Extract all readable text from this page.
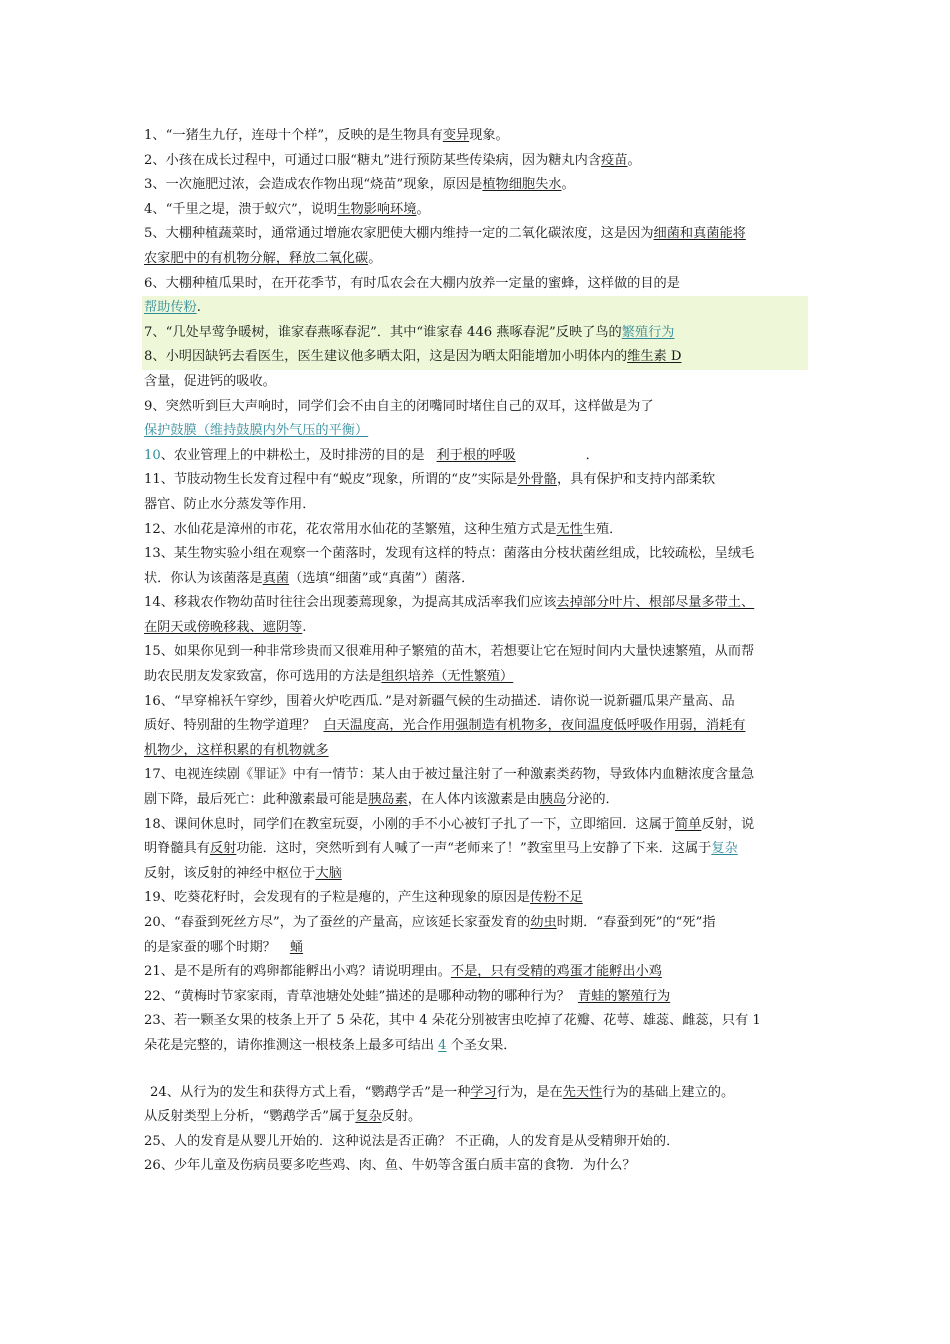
1、“一猪生九仔，连母十个样”，反映的是生物具有变异现象。
2、小孩在成长过程中，可通过口服“糖丸”进行预防某些传染病，因为糖丸内含疫苗。
3、一次施肥过浓，会造成农作物出现“烧苗”现象，原因是植物细胞失水。
4、“千里之堤，溃于蚁穴”，说明生物影响环境。
5、大棚种植蔬菜时，通常通过增施农家肥使大棚内维持一定的二氧化碳浓度，这是因为细菌和真菌能将
农家肥中的有机物分解，释放二氧化碳。
6、大棚种植瓜果时，在开花季节，有时瓜农会在大棚内放养一定量的蜜蜂，这样做的目的是
帮助传粉.
7、“几处早莺争暖树，谁家春燕啄春泥”．其中“谁家春 446 燕啄春泥”反映了鸟的繁殖行为
8、小明因缺钙去看医生，医生建议他多晒太阳，这是因为晒太阳能增加小明体内的维生素 D
含量，促进钙的吸收。
9、突然听到巨大声响时，同学们会不由自主的闭嘴同时堵住自己的双耳，这样做是为了
保护鼓膜（维持鼓膜内外气压的平衡）
10、农业管理上的中耕松土，及时排涝的目的是 利于根的呼吸	．
11、节肢动物生长发育过程中有“蜕皮”现象，所谓的“皮”实际是外骨骼，具有保护和支持内部柔软
器官、防止水分蒸发等作用．
12、水仙花是漳州的市花，花农常用水仙花的茎繁殖，这种生殖方式是无性生殖．
13、某生物实验小组在观察一个菌落时，发现有这样的特点：菌落由分枝状菌丝组成，比较疏松，呈绒毛
状．你认为该菌落是真菌（选填“细菌”或“真菌”）菌落．
14、移栽农作物幼苗时往往会出现萎蔫现象，为提高其成活率我们应该去掉部分叶片、根部尽量多带土、
在阴天或傍晚移栽、遮阴等.
15、如果你见到一种非常珍贵而又很难用种子繁殖的苗木，若想要让它在短时间内大量快速繁殖，从而帮
助农民朋友发家致富，你可选用的方法是组织培养（无性繁殖）
16、“早穿棉袄午穿纱，围着火炉吃西瓜．”是对新疆气候的生动描述．请你说一说新疆瓜果产量高、品
质好、特别甜的生物学道理？ 白天温度高，光合作用强制造有机物多，夜间温度低呼吸作用弱，消耗有
机物少，这样积累的有机物就多
17、电视连续剧《罪证》中有一情节：某人由于被过量注射了一种激素类药物，导致体内血糖浓度含量急
剧下降，最后死亡：此种激素最可能是胰岛素，在人体内该激素是由胰岛分泌的．
18、课间休息时，同学们在教室玩耍，小刚的手不小心被钉子扎了一下，立即缩回．这属于简单反射，说
明脊髓具有反射功能．这时，突然听到有人喊了一声“老师来了！”教室里马上安静了下来．这属于复杂
反射，该反射的神经中枢位于大脑
19、吃葵花籽时，会发现有的子粒是瘪的，产生这种现象的原因是传粉不足
20、“春蚕到死丝方尽”，为了蚕丝的产量高，应该延长家蚕发育的幼虫时期．“春蚕到死”的“死”指
的是家蚕的哪个时期？ 蛹
21、是不是所有的鸡卵都能孵出小鸡？请说明理由。不是，只有受精的鸡蛋才能孵出小鸡
22、“黄梅时节家家雨，青草池塘处处蛙”描述的是哪种动物的哪种行为？ 青蛙的繁殖行为
23、若一颗圣女果的枝条上开了 5 朵花，其中 4 朵花分别被害虫吃掉了花瓣、花萼、雄蕊、雌蕊，只有 1
朵花是完整的，请你推测这一根枝条上最多可结出 4 个圣女果．
24、从行为的发生和获得方式上看，“鹦鹉学舌”是一种学习行为，是在先天性行为的基础上建立的。
从反射类型上分析，“鹦鹉学舌”属于复杂反射。
25、人的发育是从婴儿开始的．这种说法是否正确？ 不正确，人的发育是从受精卵开始的．
26、少年儿童及伤病员要多吃些鸡、肉、鱼、牛奶等含蛋白质丰富的食物．为什么？
